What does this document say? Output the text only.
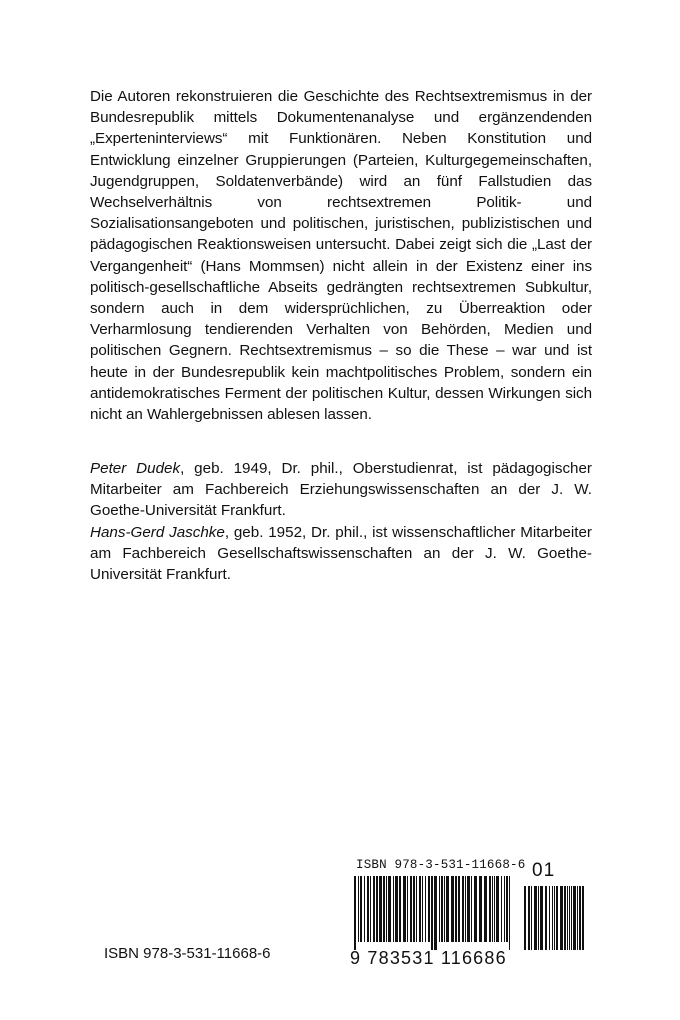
Die Autoren rekonstruieren die Geschichte des Rechtsextremismus in der Bundesrepublik mittels Dokumentenanalyse und ergänzendenden „Experteninterviews“ mit Funktionären. Neben Konstitution und Entwicklung einzelner Gruppierungen (Parteien, Kulturgegemeinschaften, Jugendgruppen, Soldatenverbände) wird an fünf Fallstudien das Wechselverhältnis von rechtsextremen Politik- und Sozialisationsangeboten und politischen, juristischen, publizistischen und pädagogischen Reaktionsweisen untersucht. Dabei zeigt sich die „Last der Vergangenheit“ (Hans Mommsen) nicht allein in der Existenz einer ins politisch-gesellschaftliche Abseits gedrängten rechtsextremen Subkultur, sondern auch in dem widersprüchlichen, zu Überreaktion oder Verharmlosung tendierenden Verhalten von Behörden, Medien und politischen Gegnern. Rechtsextremismus – so die These – war und ist heute in der Bundesrepublik kein machtpolitisches Problem, sondern ein antidemokratisches Ferment der politischen Kultur, dessen Wirkungen sich nicht an Wahlergebnissen ablesen lassen.

Peter Dudek, geb. 1949, Dr. phil., Oberstudienrat, ist pädagogischer Mitarbeiter am Fachbereich Erziehungswissenschaften an der J. W. Goethe-Universität Frankfurt.

Hans-Gerd Jaschke, geb. 1952, Dr. phil., ist wissenschaftlicher Mitarbeiter am Fachbereich Gesellschaftswissenschaften an der J. W. Goethe-Universität Frankfurt.

ISBN 978-3-531-11668-6 01
9 783531 116686
ISBN 978-3-531-11668-6
